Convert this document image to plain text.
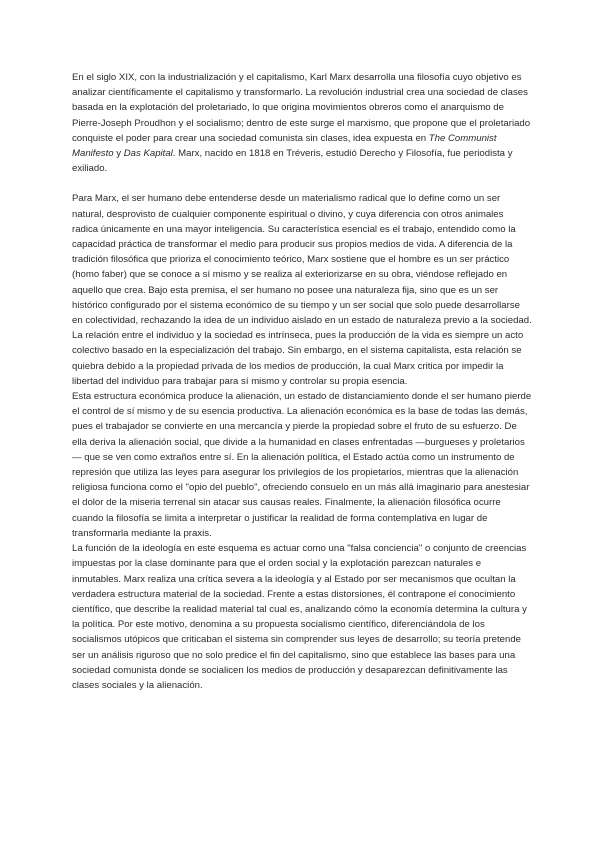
En el siglo XIX, con la industrialización y el capitalismo, Karl Marx desarrolla una filosofía cuyo objetivo es analizar científicamente el capitalismo y transformarlo. La revolución industrial crea una sociedad de clases basada en la explotación del proletariado, lo que origina movimientos obreros como el anarquismo de Pierre-Joseph Proudhon y el socialismo; dentro de este surge el marxismo, que propone que el proletariado conquiste el poder para crear una sociedad comunista sin clases, idea expuesta en The Communist Manifesto y Das Kapital. Marx, nacido en 1818 en Tréveris, estudió Derecho y Filosofía, fue periodista y exiliado.

Para Marx, el ser humano debe entenderse desde un materialismo radical que lo define como un ser natural, desprovisto de cualquier componente espiritual o divino, y cuya diferencia con otros animales radica únicamente en una mayor inteligencia. Su característica esencial es el trabajo, entendido como la capacidad práctica de transformar el medio para producir sus propios medios de vida. A diferencia de la tradición filosófica que prioriza el conocimiento teórico, Marx sostiene que el hombre es un ser práctico (homo faber) que se conoce a sí mismo y se realiza al exteriorizarse en su obra, viéndose reflejado en aquello que crea. Bajo esta premisa, el ser humano no posee una naturaleza fija, sino que es un ser histórico configurado por el sistema económico de su tiempo y un ser social que solo puede desarrollarse en colectividad, rechazando la idea de un individuo aislado en un estado de naturaleza previo a la sociedad.

La relación entre el individuo y la sociedad es intrínseca, pues la producción de la vida es siempre un acto colectivo basado en la especialización del trabajo. Sin embargo, en el sistema capitalista, esta relación se quiebra debido a la propiedad privada de los medios de producción, la cual Marx critica por impedir la libertad del individuo para trabajar para sí mismo y controlar su propia esencia.

Esta estructura económica produce la alienación, un estado de distanciamiento donde el ser humano pierde el control de sí mismo y de su esencia productiva. La alienación económica es la base de todas las demás, pues el trabajador se convierte en una mercancía y pierde la propiedad sobre el fruto de su esfuerzo. De ella deriva la alienación social, que divide a la humanidad en clases enfrentadas —burgueses y proletarios— que se ven como extraños entre sí. En la alienación política, el Estado actúa como un instrumento de represión que utiliza las leyes para asegurar los privilegios de los propietarios, mientras que la alienación religiosa funciona como el "opio del pueblo", ofreciendo consuelo en un más allá imaginario para anestesiar el dolor de la miseria terrenal sin atacar sus causas reales. Finalmente, la alienación filosófica ocurre cuando la filosofía se limita a interpretar o justificar la realidad de forma contemplativa en lugar de transformarla mediante la praxis.

La función de la ideología en este esquema es actuar como una "falsa conciencia" o conjunto de creencias impuestas por la clase dominante para que el orden social y la explotación parezcan naturales e inmutables. Marx realiza una crítica severa a la ideología y al Estado por ser mecanismos que ocultan la verdadera estructura material de la sociedad. Frente a estas distorsiones, él contrapone el conocimiento científico, que describe la realidad material tal cual es, analizando cómo la economía determina la cultura y la política. Por este motivo, denomina a su propuesta socialismo científico, diferenciándola de los socialismos utópicos que criticaban el sistema sin comprender sus leyes de desarrollo; su teoría pretende ser un análisis riguroso que no solo predice el fin del capitalismo, sino que establece las bases para una sociedad comunista donde se socialicen los medios de producción y desaparezcan definitivamente las clases sociales y la alienación.
